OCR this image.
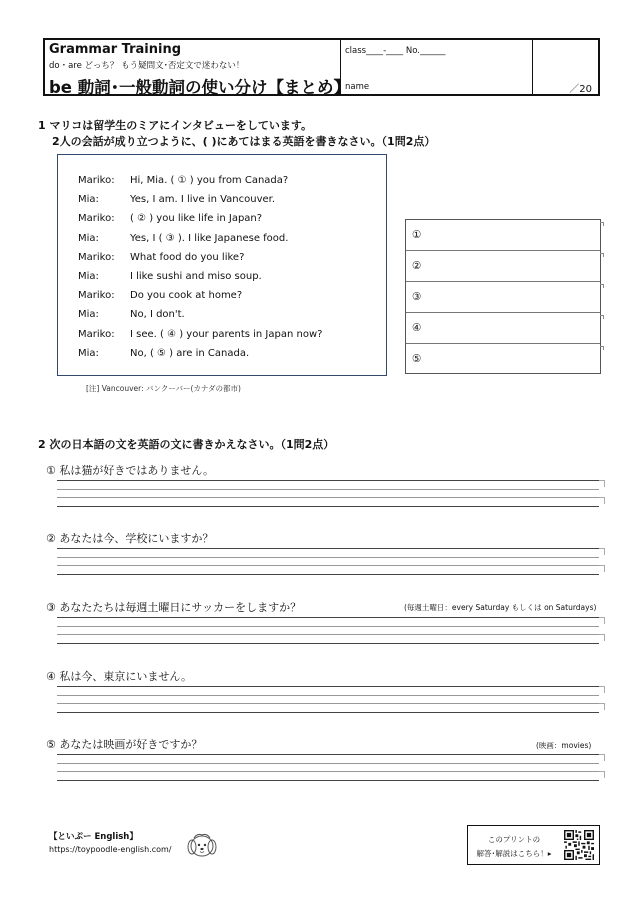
Grammar Training
do・are どっち？ もう疑問文･否定文で迷わない！
be 動詞･一般動詞の使い分け【まとめ】
class____-____ No.______
name	／20
1 マリコは留学生のミアにインタビューをしています。
2人の会話が成り立つように、( )にあてはまる英語を書きなさい。（1問2点）
Mariko: Hi, Mia. ( ① ) you from Canada?
Mia:	Yes, I am. I live in Vancouver.
Mariko: ( ② ) you like life in Japan?
Mia:	Yes, I ( ③ ). I like Japanese food.
Mariko: What food do you like?
Mia:	I like sushi and miso soup.
Mariko: Do you cook at home?
Mia:	No, I don't.
Mariko: I see. ( ④ ) your parents in Japan now?
Mia:	No, ( ⑤ ) are in Canada.
[注] Vancouver: バンクーバー(カナダの都市)
①
②
③
④
⑤
2 次の日本語の文を英語の文に書きかえなさい。（1問2点）
① 私は猫が好きではありません。
② あなたは今、学校にいますか？
③ あなたたちは毎週土曜日にサッカーをしますか？	(毎週土曜日：every Saturday もしくは on Saturdays)
④ 私は今、東京にいません。
⑤ あなたは映画が好きですか？	(映画：movies)
【といぷー English】
https://toypoodle-english.com/
このプリントの
解答･解説はこちら！▸
